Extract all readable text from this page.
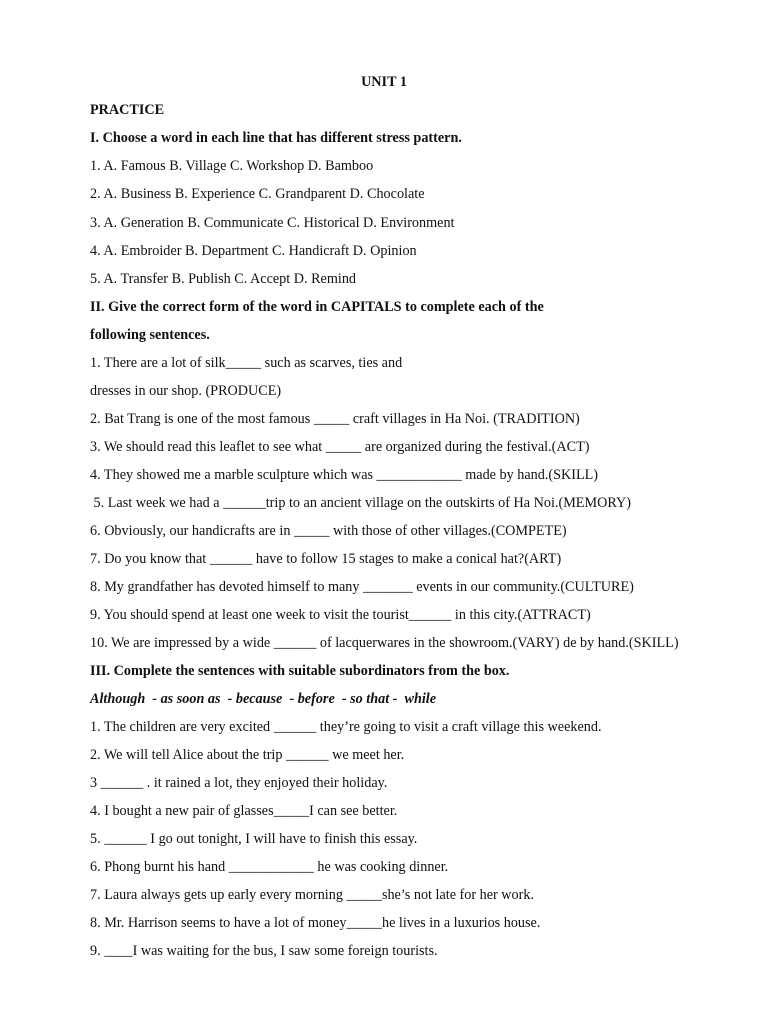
UNIT 1
PRACTICE
I. Choose a word in each line that has different stress pattern.
1. A. Famous B. Village C. Workshop D. Bamboo
2. A. Business B. Experience C. Grandparent D. Chocolate
3. A. Generation B. Communicate C. Historical D. Environment
4. A. Embroider B. Department C. Handicraft D. Opinion
5. A. Transfer B. Publish C. Accept D. Remind
II. Give the correct form of the word in CAPITALS to complete each of the
following sentences.
1. There are a lot of silk_____ such as scarves, ties and
dresses in our shop. (PRODUCE)
2. Bat Trang is one of the most famous _____ craft villages in Ha Noi. (TRADITION)
3. We should read this leaflet to see what _____ are organized during the festival.(ACT)
4. They showed me a marble sculpture which was ____________ made by hand.(SKILL)
5. Last week we had a ______trip to an ancient village on the outskirts of Ha Noi.(MEMORY)
6. Obviously, our handicrafts are in _____ with those of other villages.(COMPETE)
7. Do you know that ______ have to follow 15 stages to make a conical hat?(ART)
8. My grandfather has devoted himself to many _______ events in our community.(CULTURE)
9. You should spend at least one week to visit the tourist______ in this city.(ATTRACT)
10. We are impressed by a wide ______ of lacquerwares in the showroom.(VARY) de by hand.(SKILL)
III. Complete the sentences with suitable subordinators from the box.
Although  - as soon as  - because  - before  - so that -  while
1. The children are very excited ______ they’re going to visit a craft village this weekend.
2. We will tell Alice about the trip ______ we meet her.
3 ______ . it rained a lot, they enjoyed their holiday.
4. I bought a new pair of glasses_____I can see better.
5. ______ I go out tonight, I will have to finish this essay.
6. Phong burnt his hand ____________ he was cooking dinner.
7. Laura always gets up early every morning _____she’s not late for her work.
8. Mr. Harrison seems to have a lot of money_____he lives in a luxurios house.
9. ____I was waiting for the bus, I saw some foreign tourists.
